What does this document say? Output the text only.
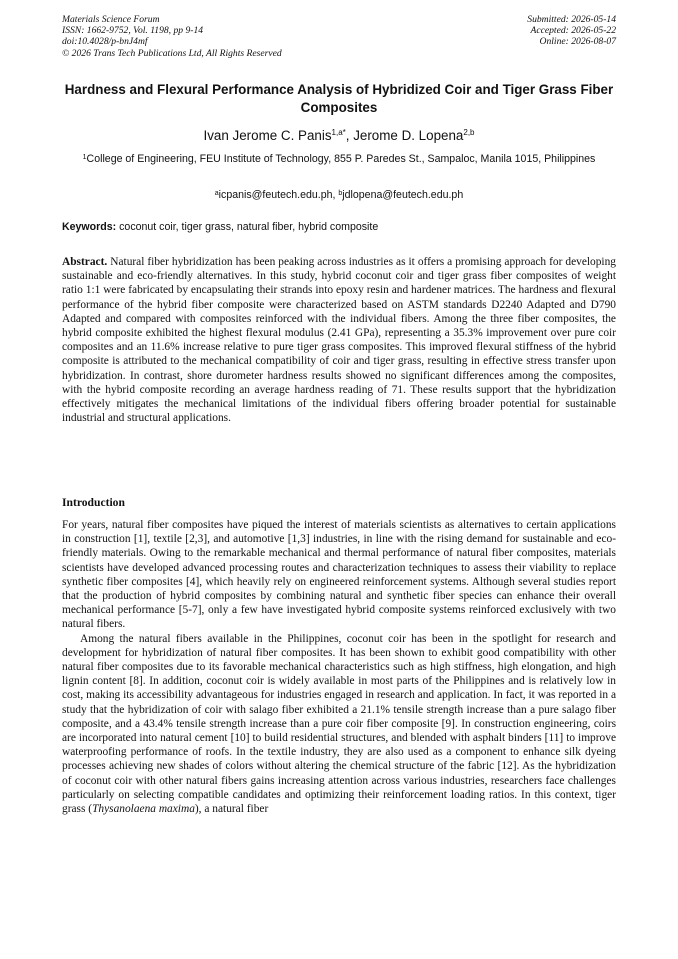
Materials Science Forum
ISSN: 1662-9752, Vol. 1198, pp 9-14
doi:10.4028/p-bnJ4mf
© 2026 Trans Tech Publications Ltd, All Rights Reserved
Submitted: 2026-05-14
Accepted: 2026-05-22
Online: 2026-08-07
Hardness and Flexural Performance Analysis of Hybridized Coir and Tiger Grass Fiber Composites
Ivan Jerome C. Panis$^{1,a*}$, Jerome D. Lopena$^{2,b}$
$^1$College of Engineering, FEU Institute of Technology, 855 P. Paredes St., Sampaloc, Manila 1015, Philippines
$^a$icpanis@feutech.edu.ph, $^b$jdlopena@feutech.edu.ph
Keywords: coconut coir, tiger grass, natural fiber, hybrid composite
Abstract. Natural fiber hybridization has been peaking across industries as it offers a promising approach for developing sustainable and eco-friendly alternatives. In this study, hybrid coconut coir and tiger grass fiber composites of weight ratio 1:1 were fabricated by encapsulating their strands into epoxy resin and hardener matrices. The hardness and flexural performance of the hybrid fiber composite were characterized based on ASTM standards D2240 Adapted and D790 Adapted and compared with composites reinforced with the individual fibers. Among the three fiber composites, the hybrid composite exhibited the highest flexural modulus (2.41 GPa), representing a 35.3% improvement over pure coir composites and an 11.6% increase relative to pure tiger grass composites. This improved flexural stiffness of the hybrid composite is attributed to the mechanical compatibility of coir and tiger grass, resulting in effective stress transfer upon hybridization. In contrast, shore durometer hardness results showed no significant differences among the composites, with the hybrid composite recording an average hardness reading of 71. These results support that the hybridization effectively mitigates the mechanical limitations of the individual fibers offering broader potential for sustainable industrial and structural applications.
Introduction

For years, natural fiber composites have piqued the interest of materials scientists as alternatives to certain applications in construction [1], textile [2,3], and automotive [1,3] industries, in line with the rising demand for sustainable and eco-friendly materials. Owing to the remarkable mechanical and thermal performance of natural fiber composites, materials scientists have developed advanced processing routes and characterization techniques to assess their viability to replace synthetic fiber composites [4], which heavily rely on engineered reinforcement systems. Although several studies report that the production of hybrid composites by combining natural and synthetic fiber species can enhance their overall mechanical performance [5-7], only a few have investigated hybrid composite systems reinforced exclusively with two natural fibers.

Among the natural fibers available in the Philippines, coconut coir has been in the spotlight for research and development for hybridization of natural fiber composites. It has been shown to exhibit good compatibility with other natural fiber composites due to its favorable mechanical characteristics such as high stiffness, high elongation, and high lignin content [8]. In addition, coconut coir is widely available in most parts of the Philippines and is relatively low in cost, making its accessibility advantageous for industries engaged in research and application. In fact, it was reported in a study that the hybridization of coir with salago fiber exhibited a 21.1% tensile strength increase than a pure salago fiber composite, and a 43.4% tensile strength increase than a pure coir fiber composite [9]. In construction engineering, coirs are incorporated into natural cement [10] to build residential structures, and blended with asphalt binders [11] to improve waterproofing performance of roofs. In the textile industry, they are also used as a component to enhance silk dyeing processes achieving new shades of colors without altering the chemical structure of the fabric [12]. As the hybridization of coconut coir with other natural fibers gains increasing attention across various industries, researchers face challenges particularly on selecting compatible candidates and optimizing their reinforcement loading ratios. In this context, tiger grass (Thysanolaena maxima), a natural fiber
